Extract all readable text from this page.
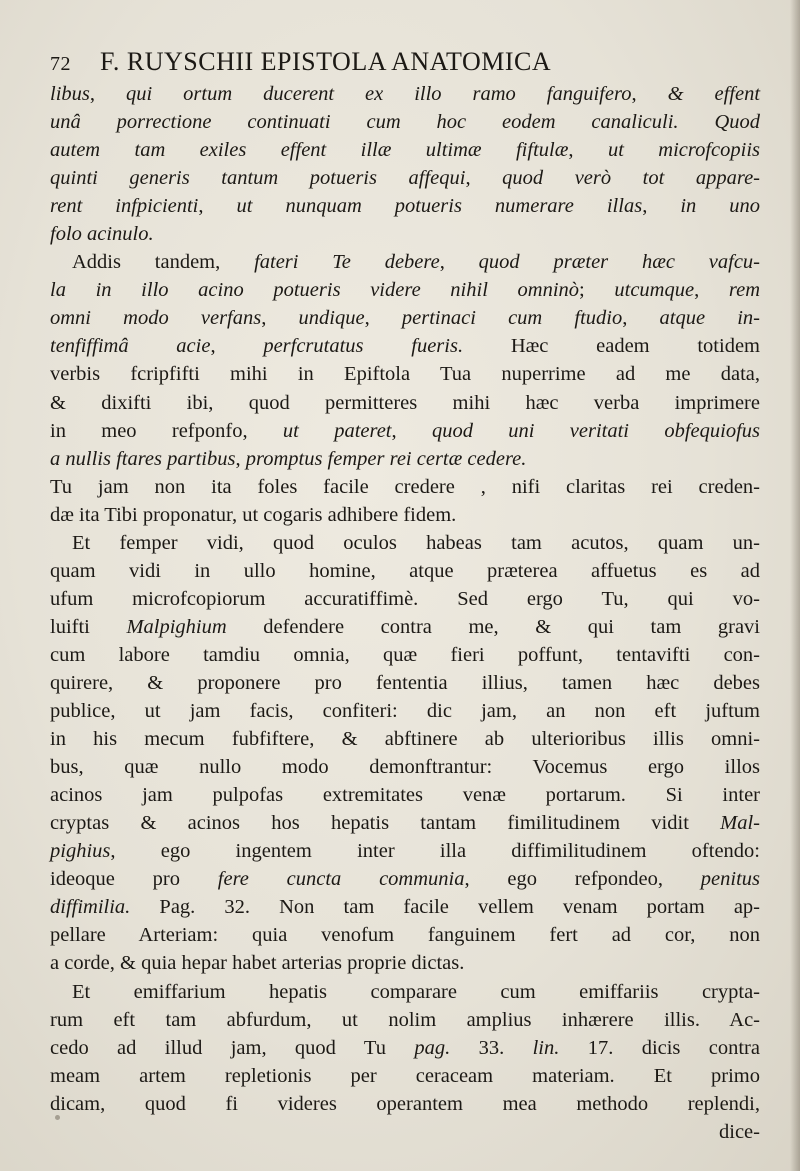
72 F. RUYSCHII EPISTOLA ANATOMICA
libus, qui ortum ducerent ex illo ramo fanguifero, & effent
unâ porrectione continuati cum hoc eodem canaliculi. Quod
autem tam exiles effent illæ ultimæ fiftulæ, ut microfcopiis
quinti generis tantum potueris affequi, quod verò tot appare-
rent infpicienti, ut nunquam potueris numerare illas, in uno
folo acinulo.
Addis tandem, fateri Te debere, quod præter hæc vafcu-
la in illo acino potueris videre nihil omninò; utcumque, rem
omni modo verfans, undique, pertinaci cum ftudio, atque in-
tenfiffimâ acie, perfcrutatus fueris. Hæc eadem totidem
verbis fcripfifti mihi in Epiftola Tua nuperrime ad me data,
& dixifti ibi, quod permitteres mihi hæc verba imprimere
in meo refponfo, ut pateret, quod uni veritati obfequiofus
a nullis ftares partibus, promptus femper rei certæ cedere.
Tu jam non ita foles facile credere , nifi claritas rei creden-
dæ ita Tibi proponatur, ut cogaris adhibere fidem.
Et femper vidi, quod oculos habeas tam acutos, quam un-
quam vidi in ullo homine, atque præterea affuetus es ad
ufum microfcopiorum accuratiffimè. Sed ergo Tu, qui vo-
luifti Malpighium defendere contra me, & qui tam gravi
cum labore tamdiu omnia, quæ fieri poffunt, tentavifti con-
quirere, & proponere pro fententia illius, tamen hæc debes
publice, ut jam facis, confiteri: dic jam, an non eft juftum
in his mecum fubfiftere, & abftinere ab ulterioribus illis omni-
bus, quæ nullo modo demonftrantur: Vocemus ergo illos
acinos jam pulpofas extremitates venæ portarum. Si inter
cryptas & acinos hos hepatis tantam fimilitudinem vidit Mal-
pighius, ego ingentem inter illa diffimilitudinem oftendo:
ideoque pro fere cuncta communia, ego refpondeo, penitus
diffimilia. Pag. 32. Non tam facile vellem venam portam ap-
pellare Arteriam: quia venofum fanguinem fert ad cor, non
a corde, & quia hepar habet arterias proprie dictas.
Et emiffarium hepatis comparare cum emiffariis crypta-
rum eft tam abfurdum, ut nolim amplius inhærere illis. Ac-
cedo ad illud jam, quod Tu pag. 33. lin. 17. dicis contra
meam artem repletionis per ceraceam materiam. Et primo
dicam, quod fi videres operantem mea methodo replendi,
dice-
